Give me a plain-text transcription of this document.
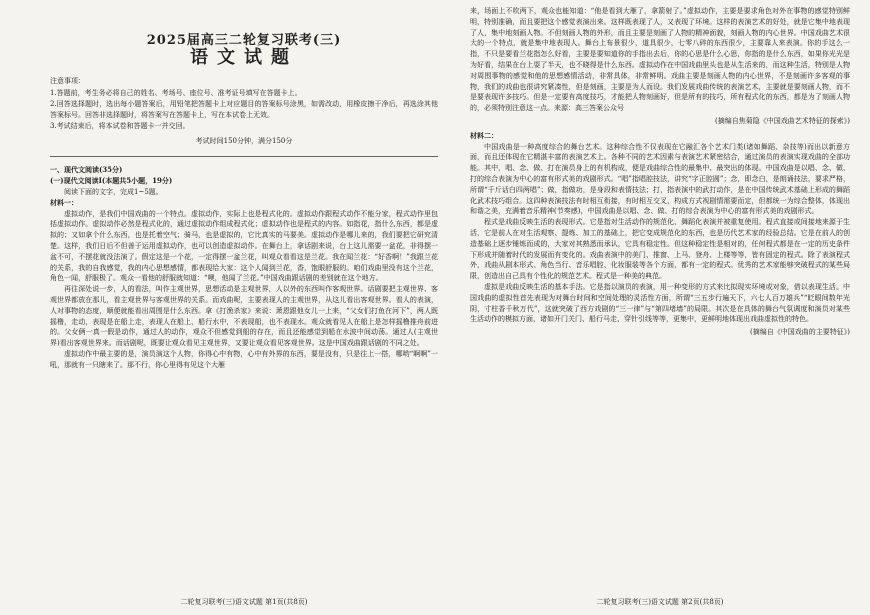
2025届高三二轮复习联考(三)
语文试题
注意事项：
1.答题前，考生务必将自己的姓名、考场号、座位号、准考证号填写在答题卡上。
2.回答选择题时，选出每小题答案后，用铅笔把答题卡上对应题目的答案标号涂黑，如需改动，用橡皮擦干净后，再选涂其他答案标号。回答非选择题时，将答案写在答题卡上，写在本试卷上无效。
3.考试结束后，将本试卷和答题卡一并交回。
考试时间150分钟，满分150分
一、现代文阅读(35分)
(一)现代文阅读Ⅰ(本题共5小题，19分)
阅读下面的文字，完成1~5题。
材料一：
虚拟动作，是我们中国戏曲的一个特点。虚拟动作，实际上也是程式化的。虚拟动作跟程式动作不能分家，程式动作里包括虚拟动作。虚拟动作必然是程式化的，通过虚拟动作组成程式化；虚拟动作也是程式的内容。如指花，指什么东西，都是虚拟的；又如拿个什么东西，也是托着空气；骑马，也是虚拟的，它比真实的马要美。虚拟动作是哪儿来的，我们要把它研究清楚。这样，我们日后不但善于运用虚拟动作，也可以创造虚拟动作。在舞台上，拿话剧来说，台上这儿需要一盆花，非得摆一盆不可，不摆花就没法演了。假定这是一个花，一定得摆一盆兰花，叫观众看看这是兰花。我在闻兰花：“好香啊！”我跟兰花的关系，我的自我感觉，我的内心思想感情，都表现给大家：这个人闻到兰花，香，饱眼舒服的。咱们戏曲里没有这个兰花，角色一闻，舒服极了。观众一看他的舒服就知道：“噢，他闻了兰花。”中国戏曲跟话剧的差别就在这个地方。
再往深处说一步，人的看法，叫作主观世界，思想活动是主观世界，人以外的东西叫作客观世界。话剧要把主观世界、客观世界都放在那儿，看主观世界与客观世界的关系。而戏曲呢，主要表现人的主观世界，从这儿看出客观世界。看人的表演，人对事物的态度，顺便就能看出周围是什么东西。拿《打渔杀家》来说：萧恩跟他女儿一上来，“父女们打鱼在河下”，两人既摇橹，走动，表现是在船上走，表现人在船上，船行水中，不表现船，也不表现水。观众就看见人在船上是怎样摇橹推舟前进的。父女俩一真一假是动作，通过人的动作，观众不但感觉到船的存在，而且还能感觉到船在水波中间动荡。通过人(主观世界)看出客观世界来。而话剧呢，既要让观众看见主观世界，又要让观众看见客观世界。这是中国戏曲跟话剧的不同之处。
虚拟动作中最主要的是，演员演这个人物，你得心中有物，心中有外界的东西，要是没有，只是往上一搭，哪哟“啊啊”一吼，那就有一只瞎来了。那不行，你心里得有见这个大雁
来，场面上不吹两下，观众也能知道：“他是看到大雁了，拿箭射了。”虚拟动作，主要是要求角色对外在事物的感觉特别鲜明，特别准确，而且要把这个感觉表演出来。这样既表现了人，又表现了环境。这样的表演艺术的好处，就是它集中地表现了人，集中地刻画人物。不但刻画人物的外形，而且主要是刻画了人物的精神面貌，刻画人物的内心世界。中国戏曲艺术很大的一个特点，就是集中地表现人。舞台上布景很少，道具很少，七零八碎的东西很少，主要靠人来表演。你的手这么一指，不只是要看兰花指怎么好看，主要是要知道你的手指出去后，你的心思是什么心思，你指的是什么东西，如果你光光是为好看，结果在台上耍了半天，也不晓得是什么东西。虚拟动作在中国戏曲里头也是从生活来的，而这种生活，特别是人物对周围事物的感觉和他的思想感情活动，非常具体，非常鲜明。戏曲主要是刻画人物的内心世界，不是刻画许多客观的事物，我们的戏曲也很讲究紧凑性，但是刻画，主要是为人而设。我们发展戏曲传统的表演艺术，主要就是要刻画人物，而不是要表现许多技巧。但是一定要有高度技巧，才能把人物刻画好，但是所有的技巧，所有程式化的东西，都是为了刻画人物的，必须特别注意这一点。来源：高三答案公众号
(摘编自焦菊隐《中国戏曲艺术特征的探索》)
材料二：
中国戏曲是一种高度综合的舞台艺术。这种综合性不仅表现在它融汇各个艺术门类(诸如舞蹈、杂技等)而出以新意方面，而且还体现在它精湛丰富的表演艺术上。各种不同的艺术因素与表演艺术紧密结合，通过演员的表演实现戏曲的全部功能。其中，唱、念、做、打在演员身上的有机构成，便是戏曲综合性的最集中、最突出的体现。中国戏曲是以唱、念、做、打的综合表演为中心的富有形式美的戏剧形式。“唱”指唱腔技法，讲究“字正腔圆”；念，即念白，是朗诵技法，要求严格，所谓“千斤话白四两唱”；做，指做功，是身段和表情技法；打，指表演中的武打动作，是在中国传统武术基础上形成的舞蹈化武术技巧组合。这四种表演技法有时相互衔接，有时相互交叉，构成方式视剧情需要而定，但都统一为综合整体，体现出和谐之美，充满着音乐精神(节奏感)，中国戏曲是以唱、念、做、打的综合表演为中心的富有形式美的戏剧形式。
程式是戏曲反映生活的表现形式。它是指对生活动作的规范化、舞蹈化表演并被重复使用。程式直接或间接地来源于生活，它是前人在对生活观察、提炼、加工的基础上，把它变成规范化的东西，也是历代艺术家的经验总结。它是在前人的创造基础上逐步锤炼而成的，大家对其熟悉而承认，它具有稳定性。但这种稳定性是相对的，任何程式都是在一定的历史条件下形成并随着时代的发展而有变化的。戏曲表演中的美门、推窗、上马、登舟、上楼等等，皆有固定的程式。除了表演程式外，戏曲从剧本形式、角色当行、音乐唱腔、化妆服装等各个方面，都有一定的程式。优秀的艺术家能够突破程式的某些局限，创造出自己具有个性化的规范艺术。程式是一种美的典范。
虚拟是戏曲反映生活的基本手法。它是指以演员的表演，用一种变形的方式来比拟现实环境或对象，借以表现生活。中国戏曲的虚拟性首先表现为对舞台时间和空间处理的灵活性方面，所谓“三五步行遍天下，六七人百万雄兵”“眨眼间数年光阴，寸柱香千秋万代”，这就突破了西方戏剧的“三一律”与“第四堵墙”的局限。其次是在具体的舞台气氛调度和演员对某些生活动作的模拟方面，诸如开门关门、船行马走、穿针引线等等，更集中，更鲜明地体现出戏曲虚拟性的特色。
(摘编自《中国戏曲的主要特征》)
二轮复习联考(三)语文试题 第1页(共8页)	二轮复习联考(三)语文试题 第2页(共8页)
